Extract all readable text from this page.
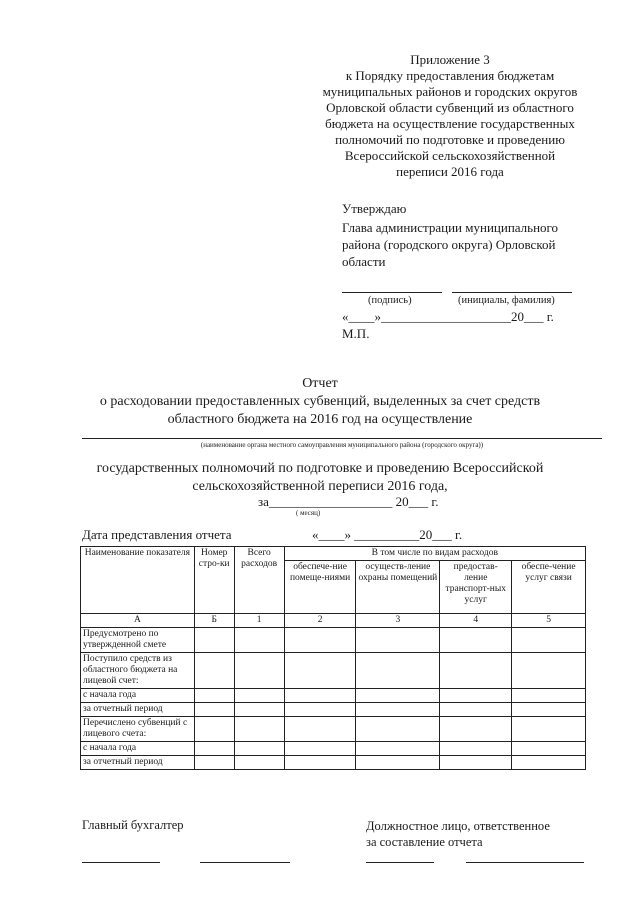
Приложение 3
к Порядку предоставления бюджетам
муниципальных районов и городских округов
Орловской области субвенций из областного
бюджета на осуществление государственных
полномочий по подготовке и проведению
Всероссийской сельскохозяйственной
переписи 2016 года
Утверждаю
Глава администрации муниципального
района (городского округа) Орловской
области
(подпись)	(инициалы, фамилия)
«____»____________________20___ г.
М.П.
Отчет
о расходовании предоставленных субвенций, выделенных за счет средств
областного бюджета на 2016 год на осуществление
(наименование органа местного самоуправления муниципального района (городского округа))
государственных полномочий по подготовке и проведению Всероссийской
сельскохозяйственной переписи 2016 года,
за___________________ 20___ г.
( месяц)
Дата представления отчета	«____» __________20___ г.
Наименование показателя	Номер стро-ки	Всего расходов	В том числе по видам расходов			
			обеспече-ние помеще-ниями	осуществ-ление охраны помещений	предостав-ление транспорт-ных услуг	обеспе-чение услуг связи
А	Б	1	2	3	4	5
Предусмотрено по утвержденной смете						
Поступило средств из областного бюджета на лицевой счет:						
с начала года						
за отчетный период						
Перечислено субвенций с лицевого счета:						
с начала года						
за отчетный период						
Главный бухгалтер	Должностное лицо, ответственное
за составление отчета
